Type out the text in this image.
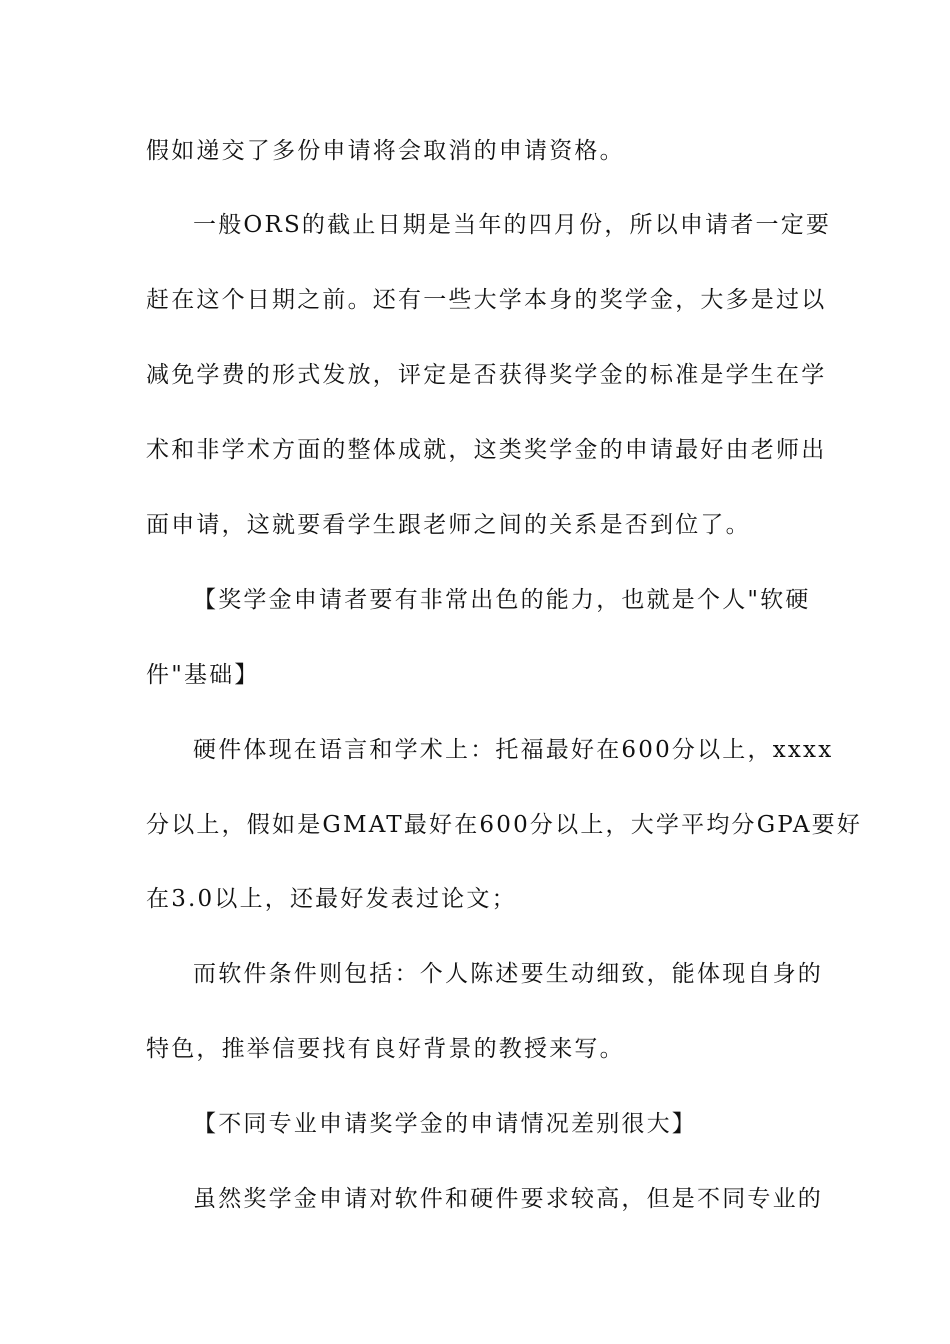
假如递交了多份申请将会取消的申请资格。
一般ORS的截止日期是当年的四月份，所以申请者一定要
赶在这个日期之前。还有一些大学本身的奖学金，大多是过以
减免学费的形式发放，评定是否获得奖学金的标准是学生在学
术和非学术方面的整体成就，这类奖学金的申请最好由老师出
面申请，这就要看学生跟老师之间的关系是否到位了。
【奖学金申请者要有非常出色的能力，也就是个人"软硬
件"基础】
硬件体现在语言和学术上：托福最好在600分以上，xxxx
分以上，假如是GMAT最好在600分以上，大学平均分GPA要好
在3.0以上，还最好发表过论文；
而软件条件则包括：个人陈述要生动细致，能体现自身的
特色，推举信要找有良好背景的教授来写。
【不同专业申请奖学金的申请情况差别很大】
虽然奖学金申请对软件和硬件要求较高，但是不同专业的
